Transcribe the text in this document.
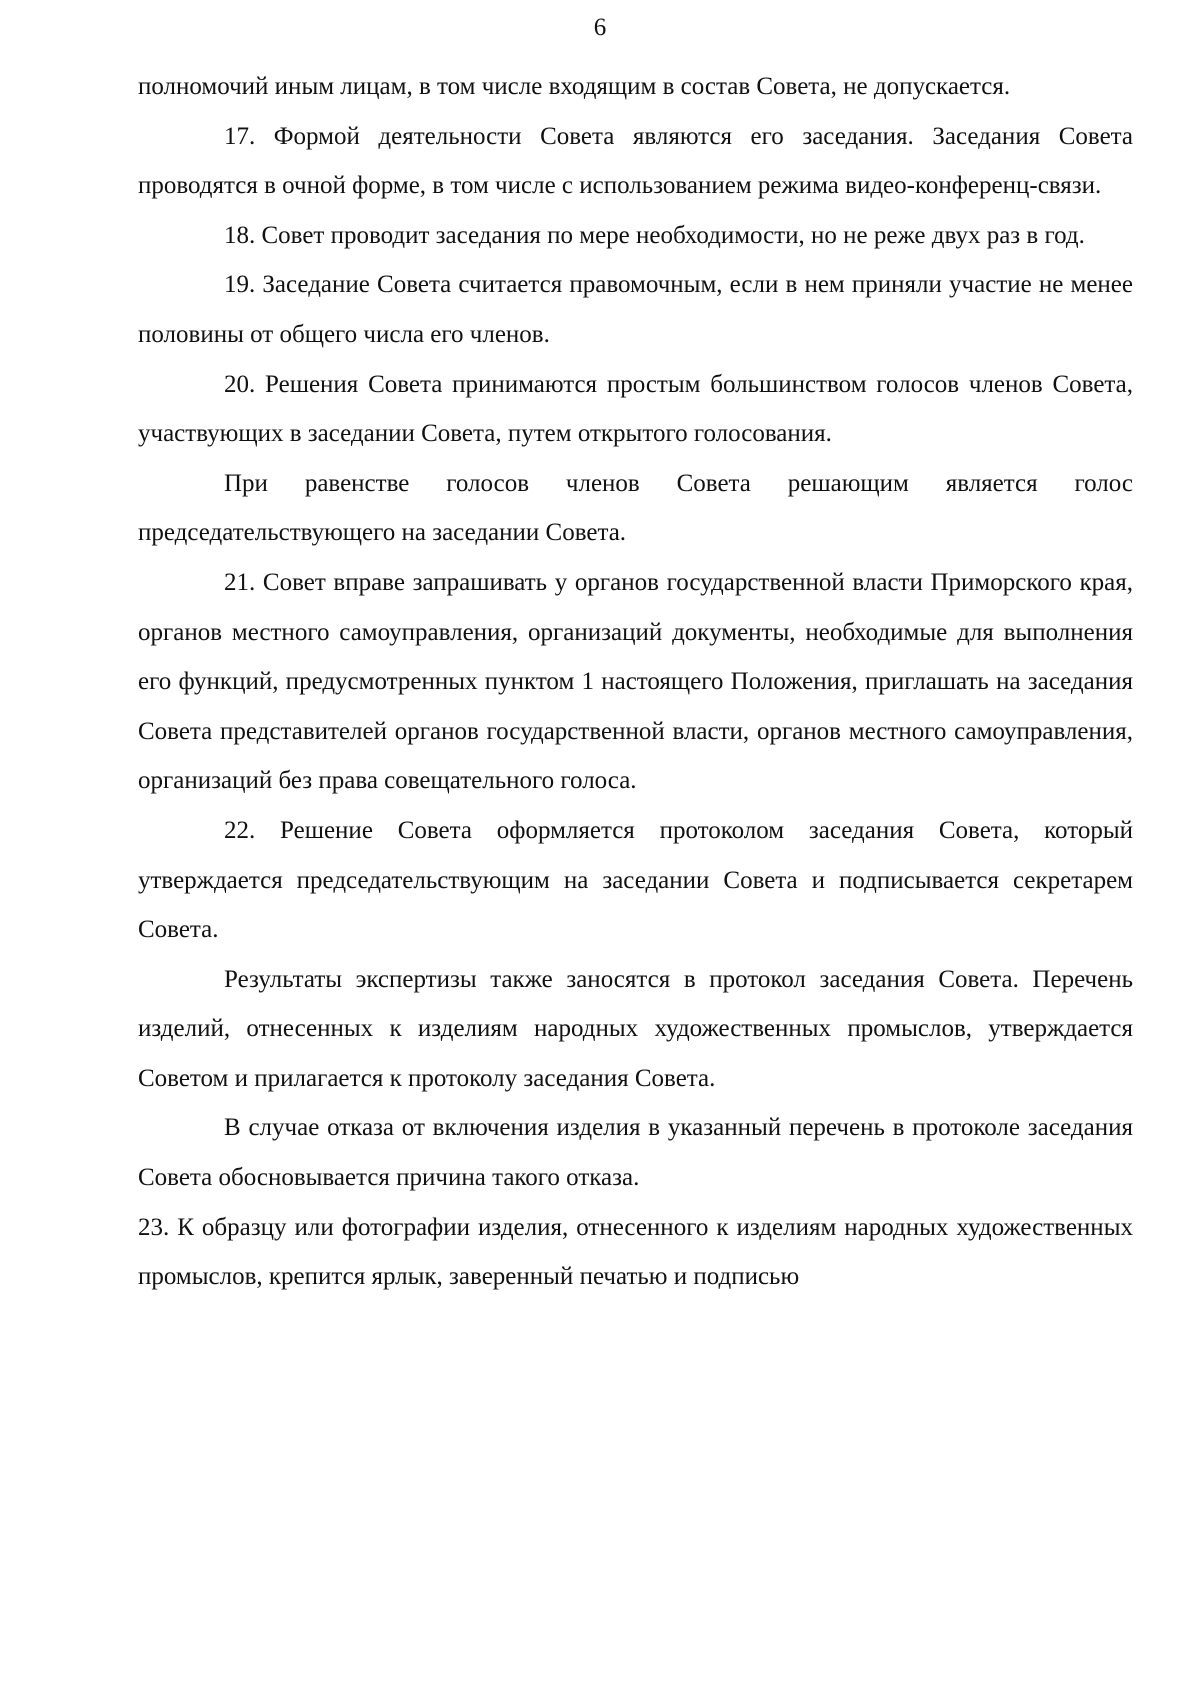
6

полномочий иным лицам, в том числе входящим в состав Совета, не допускается.

17. Формой деятельности Совета являются его заседания. Заседания Совета проводятся в очной форме, в том числе с использованием режима видео-конференц-связи.

18. Совет проводит заседания по мере необходимости, но не реже двух раз в год.

19. Заседание Совета считается правомочным, если в нем приняли участие не менее половины от общего числа его членов.

20. Решения Совета принимаются простым большинством голосов членов Совета, участвующих в заседании Совета, путем открытого голосования.

При равенстве голосов членов Совета решающим является голос председательствующего на заседании Совета.

21. Совет вправе запрашивать у органов государственной власти Приморского края, органов местного самоуправления, организаций документы, необходимые для выполнения его функций, предусмотренных пунктом 1 настоящего Положения, приглашать на заседания Совета представителей органов государственной власти, органов местного самоуправления, организаций без права совещательного голоса.

22. Решение Совета оформляется протоколом заседания Совета, который утверждается председательствующим на заседании Совета и подписывается секретарем Совета.

Результаты экспертизы также заносятся в протокол заседания Совета. Перечень изделий, отнесенных к изделиям народных художественных промыслов, утверждается Советом и прилагается к протоколу заседания Совета.

В случае отказа от включения изделия в указанный перечень в протоколе заседания Совета обосновывается причина такого отказа.

23. К образцу или фотографии изделия, отнесенного к изделиям народных художественных промыслов, крепится ярлык, заверенный печатью и подписью
